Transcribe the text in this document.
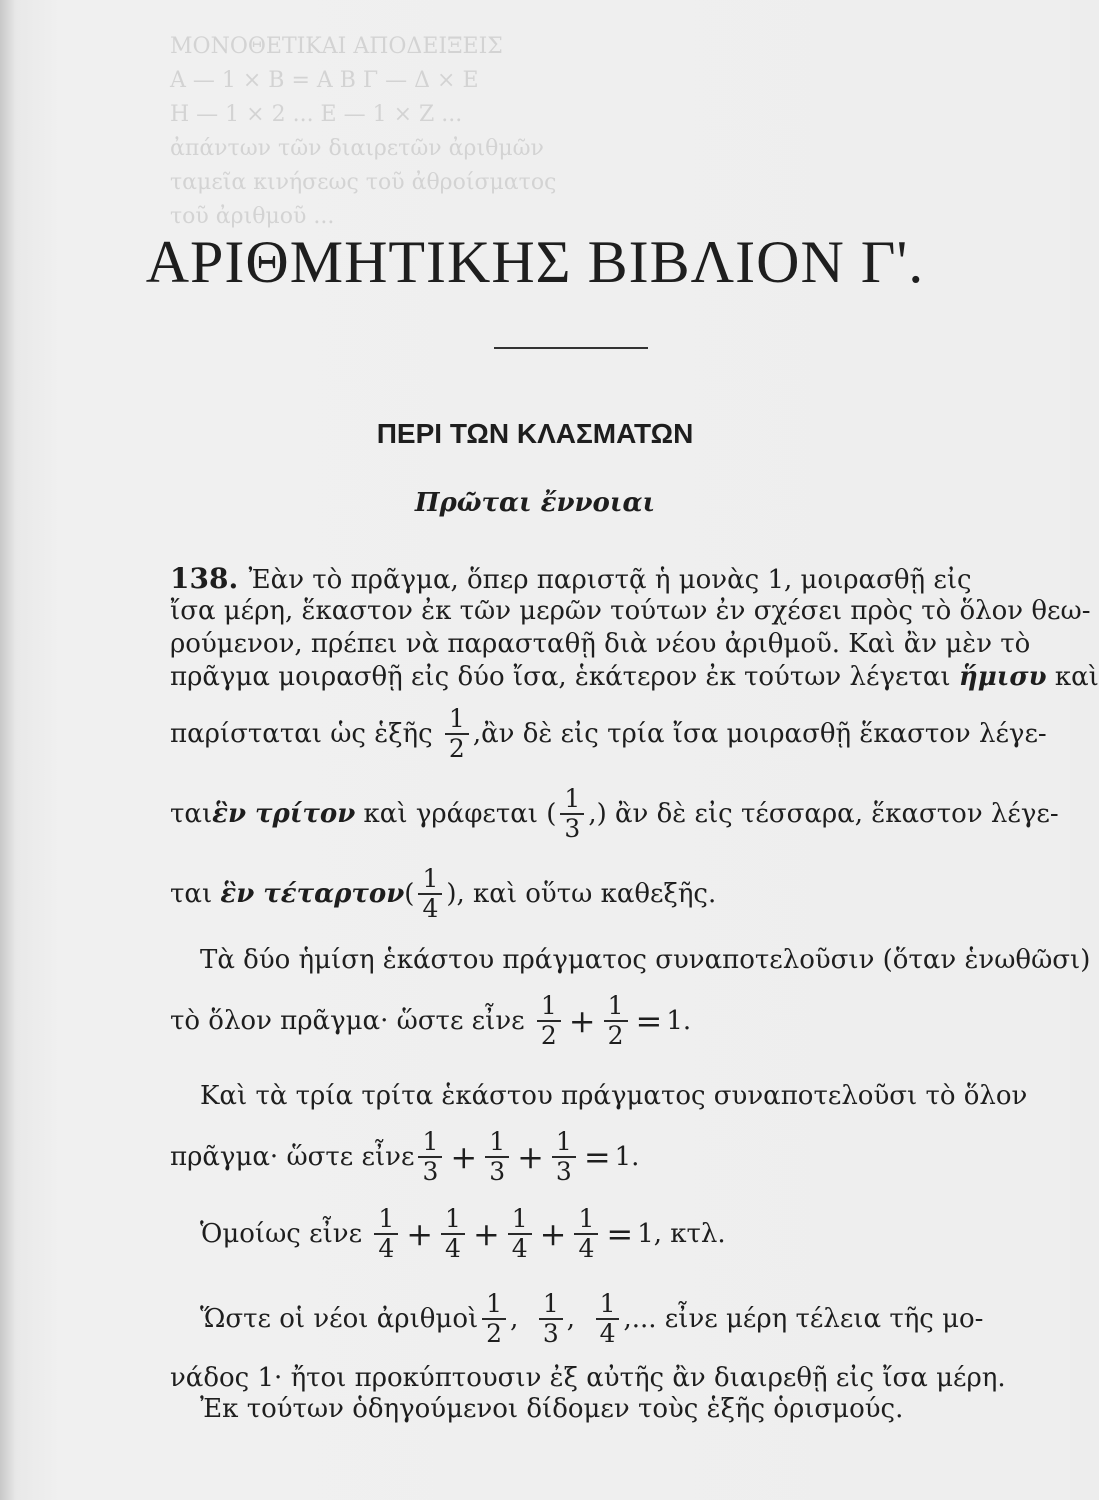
ΜΟΝΟΘΕΤΙΚΑΙ ΑΠΟΔΕΙΞΕΙΣ
Α — 1 × Β = Α Β Γ — Δ × Ε
Η — 1 × 2 ... Ε — 1 × Ζ ...
ἀπάντων τῶν διαιρετῶν ἀριθμῶν
ταμεῖα κινήσεως τοῦ ἀθροίσματος
τοῦ ἀριθμοῦ ...
ΑΡΙΘΜΗΤΙΚΗΣ ΒΙΒΛΙΟΝ Γ'.
ΠΕΡΙ ΤΩΝ ΚΛΑΣΜΑΤΩΝ
Πρῶται ἔννοιαι
138. Ἐὰν τὸ πρᾶγμα, ὅπερ παριστᾷ ἡ μονὰς 1, μοιρασθῇ εἰς
ἴσα μέρη, ἕκαστον ἐκ τῶν μερῶν τούτων ἐν σχέσει πρὸς τὸ ὅλον θεω-
ρούμενον, πρέπει νὰ παρασταθῇ διὰ νέου ἀριθμοῦ. Καὶ ἂν μὲν τὸ
πρᾶγμα μοιρασθῇ εἰς δύο ἴσα, ἑκάτερον ἐκ τούτων λέγεται ἥμισυ καὶ
παρίσταται ὡς ἑξῆς $\frac{1}{2}$ ,ἂν δὲ εἰς τρία ἴσα μοιρασθῇ ἕκαστον λέγε-
ταιἓν τρίτον καὶ γράφεται ( $\frac{1}{3}$ ,) ἂν δὲ εἰς τέσσαρα, ἕκαστον λέγε-
ται ἓν $\tau έ\tau\alpha\rho\tau o\nu( \frac{1}{4}$ ), καὶ οὕτω καθεξῆς.
Τὰ δύο ἡμίση ἑκάστου πράγματος συναποτελοῦσιν (ὅταν ἑνωθῶσι)
τὸ ὅλον πρᾶγμα· ὥστε εἶνε $\frac{1}{2} + \frac{1}{2} = 1$.
Καὶ τὰ τρία τρίτα ἑκάστου πράγματος συναποτελοῦσι τὸ ὅλον
πρᾶγμα· ὥστε εἶνε $\frac{1}{3} + \frac{1}{3} + \frac{1}{3} = 1$.
Ὁμοίως εἶνε $\frac{1}{4} + \frac{1}{4} + \frac{1}{4} + \frac{1}{4} = 1$, κτλ.
Ὥστε οἱ νέοι ἀριθμοὶ $\frac{1}{2}$ , $\frac{1}{3}$ , $\frac{1}{4}$ ,... εἶνε μέρη τέλεια τῆς μο-
νάδος 1· ἤτοι προκύπτουσιν ἐξ αὐτῆς ἂν διαιρεθῇ εἰς ἴσα μέρη.
Ἐκ τούτων ὁδηγούμενοι δίδομεν τοὺς ἑξῆς ὁρισμούς.
